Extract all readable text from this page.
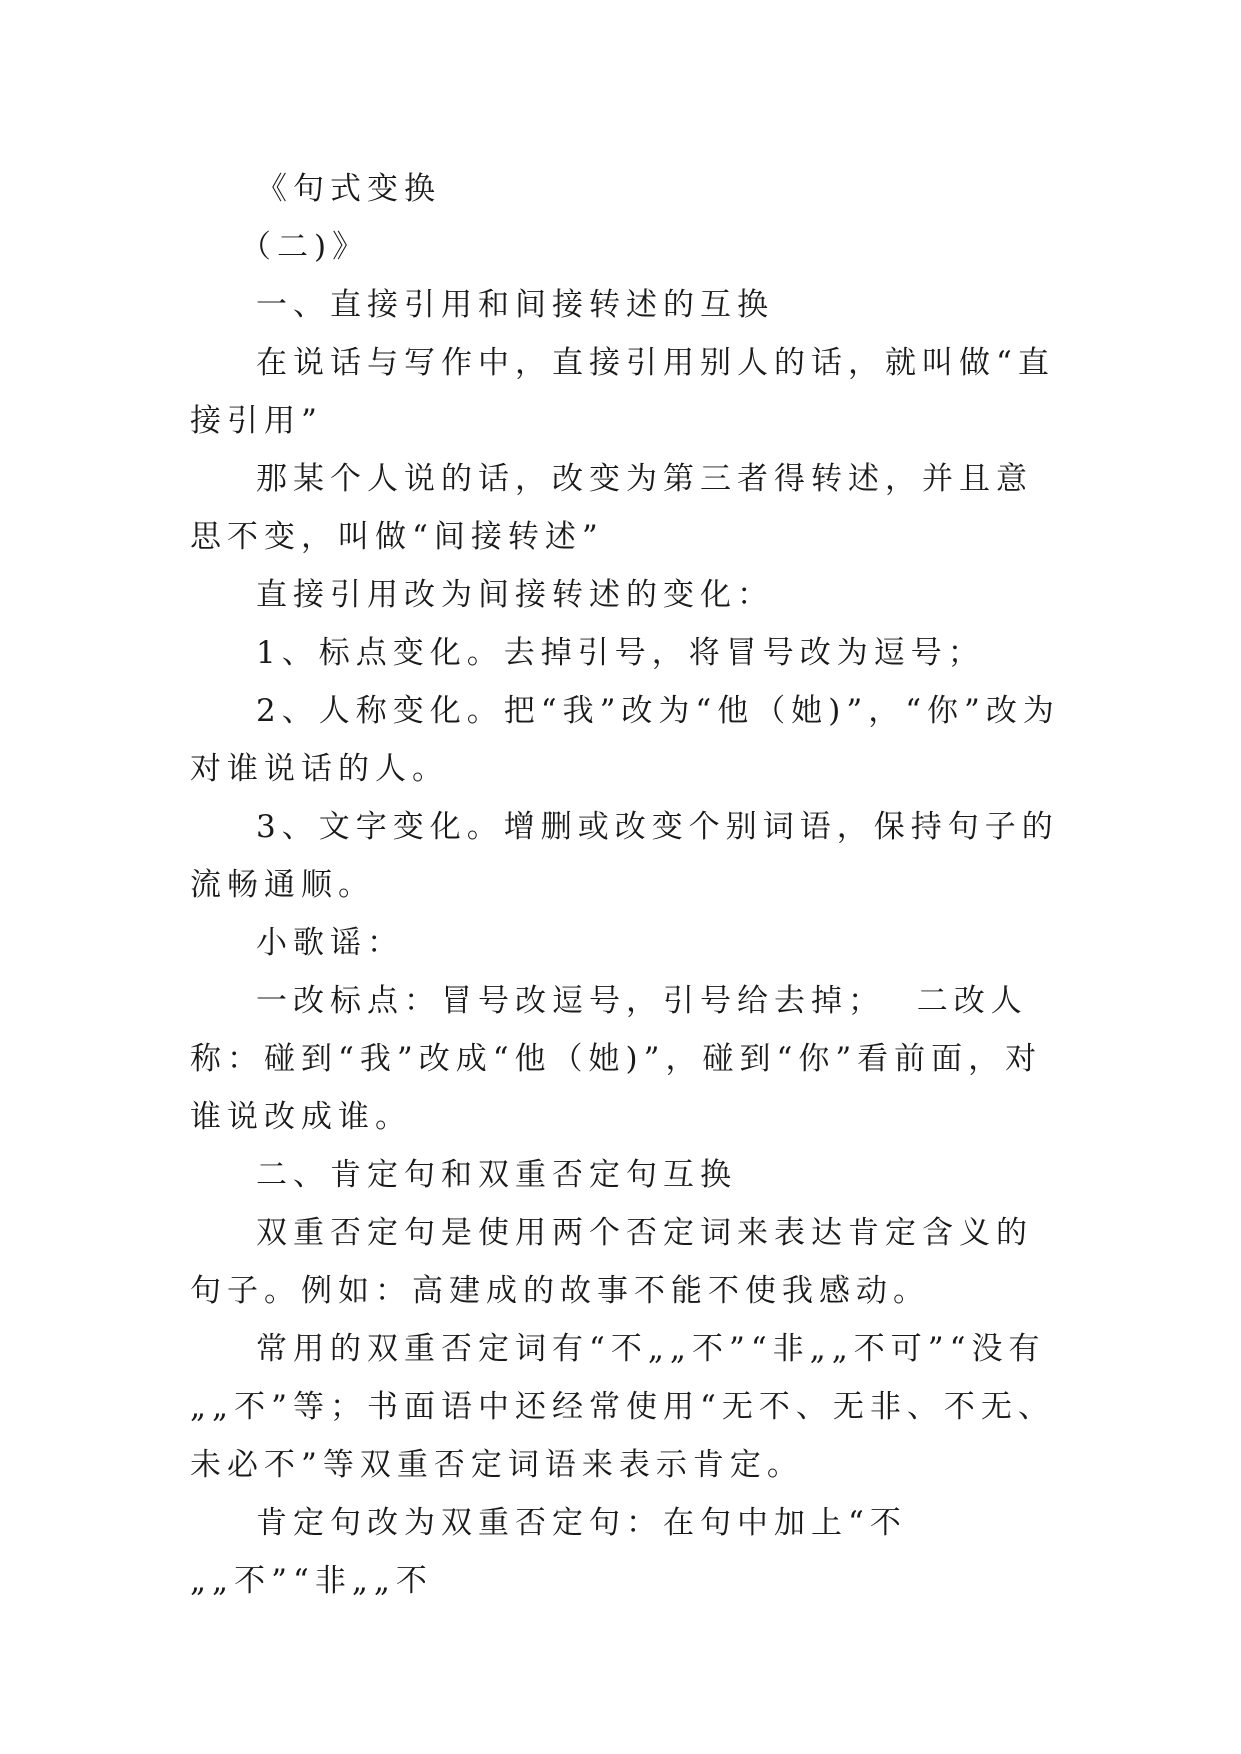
《句式变换

（二)》

一、直接引用和间接转述的互换

在说话与写作中，直接引用别人的话，就叫做“直接引用”

那某个人说的话，改变为第三者得转述，并且意思不变，叫做“间接转述”

直接引用改为间接转述的变化：

1、标点变化。去掉引号，将冒号改为逗号；

2、人称变化。把“我”改为“他（她)”，“你”改为对谁说话的人。

3、文字变化。增删或改变个别词语，保持句子的流畅通顺。

小歌谣：

一改标点：冒号改逗号，引号给去掉；  二改人称：碰到“我”改成“他（她)”，碰到“你”看前面，对谁说改成谁。

二、肯定句和双重否定句互换

双重否定句是使用两个否定词来表达肯定含义的句子。例如：高建成的故事不能不使我感动。

常用的双重否定词有“不„„不”“非„„不可”“没有„„不”等；书面语中还经常使用“无不、无非、不无、未必不”等双重否定词语来表示肯定。

肯定句改为双重否定句：在句中加上“不„„不”“非„„不
